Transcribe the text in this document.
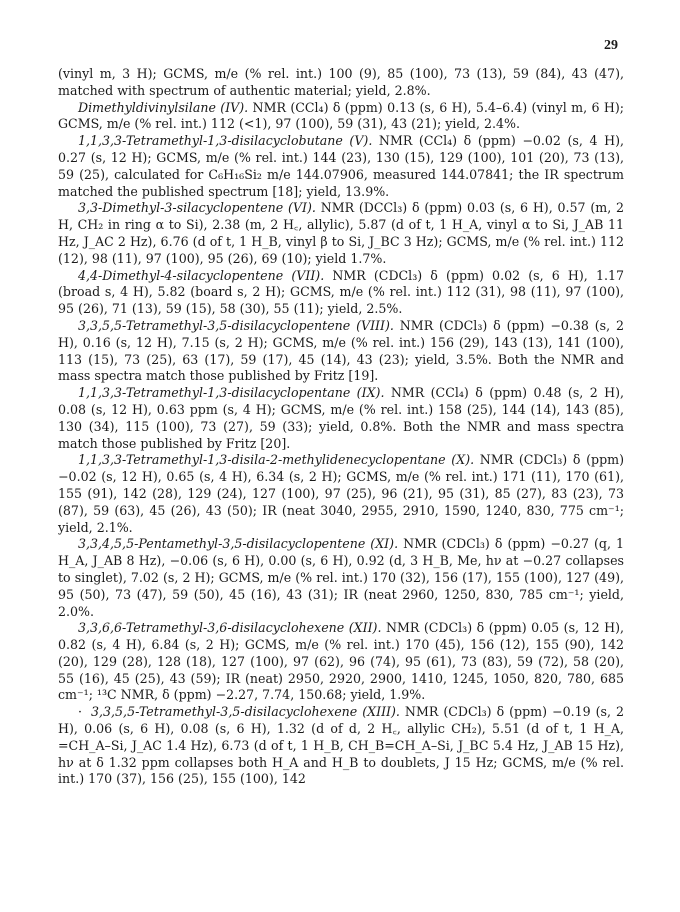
29

(vinyl m, 3 H); GCMS, m/e (% rel. int.) 100 (9), 85 (100), 73 (13), 59 (84), 43 (47), matched with spectrum of authentic material; yield, 2.8%.

Dimethyldivinylsilane (IV). NMR (CCl₄) δ (ppm) 0.13 (s, 6 H), 5.4–6.4) (vinyl m, 6 H); GCMS, m/e (% rel. int.) 112 (<1), 97 (100), 59 (31), 43 (21); yield, 2.4%.

1,1,3,3-Tetramethyl-1,3-disilacyclobutane (V). NMR (CCl₄) δ (ppm) −0.02 (s, 4 H), 0.27 (s, 12 H); GCMS, m/e (% rel. int.) 144 (23), 130 (15), 129 (100), 101 (20), 73 (13), 59 (25), calculated for C₆H₁₆Si₂ m/e 144.07906, measured 144.07841; the IR spectrum matched the published spectrum [18]; yield, 13.9%.

3,3-Dimethyl-3-silacyclopentene (VI). NMR (DCCl₃) δ (ppm) 0.03 (s, 6 H), 0.57 (m, 2 H, CH₂ in ring α to Si), 2.38 (m, 2 H꜀, allylic), 5.87 (d of t, 1 H_A, vinyl α to Si, J_AB 11 Hz, J_AC 2 Hz), 6.76 (d of t, 1 H_B, vinyl β to Si, J_BC 3 Hz); GCMS, m/e (% rel. int.) 112 (12), 98 (11), 97 (100), 95 (26), 69 (10); yield 1.7%.

4,4-Dimethyl-4-silacyclopentene (VII). NMR (CDCl₃) δ (ppm) 0.02 (s, 6 H), 1.17 (broad s, 4 H), 5.82 (board s, 2 H); GCMS, m/e (% rel. int.) 112 (31), 98 (11), 97 (100), 95 (26), 71 (13), 59 (15), 58 (30), 55 (11); yield, 2.5%.

3,3,5,5-Tetramethyl-3,5-disilacyclopentene (VIII). NMR (CDCl₃) δ (ppm) −0.38 (s, 2 H), 0.16 (s, 12 H), 7.15 (s, 2 H); GCMS, m/e (% rel. int.) 156 (29), 143 (13), 141 (100), 113 (15), 73 (25), 63 (17), 59 (17), 45 (14), 43 (23); yield, 3.5%. Both the NMR and mass spectra match those published by Fritz [19].

1,1,3,3-Tetramethyl-1,3-disilacyclopentane (IX). NMR (CCl₄) δ (ppm) 0.48 (s, 2 H), 0.08 (s, 12 H), 0.63 ppm (s, 4 H); GCMS, m/e (% rel. int.) 158 (25), 144 (14), 143 (85), 130 (34), 115 (100), 73 (27), 59 (33); yield, 0.8%. Both the NMR and mass spectra match those published by Fritz [20].

1,1,3,3-Tetramethyl-1,3-disila-2-methylidenecyclopentane (X). NMR (CDCl₃) δ (ppm) −0.02 (s, 12 H), 0.65 (s, 4 H), 6.34 (s, 2 H); GCMS, m/e (% rel. int.) 171 (11), 170 (61), 155 (91), 142 (28), 129 (24), 127 (100), 97 (25), 96 (21), 95 (31), 85 (27), 83 (23), 73 (87), 59 (63), 45 (26), 43 (50); IR (neat 3040, 2955, 2910, 1590, 1240, 830, 775 cm⁻¹; yield, 2.1%.

3,3,4,5,5-Pentamethyl-3,5-disilacyclopentene (XI). NMR (CDCl₃) δ (ppm) −0.27 (q, 1 H_A, J_AB 8 Hz), −0.06 (s, 6 H), 0.00 (s, 6 H), 0.92 (d, 3 H_B, Me, hν at −0.27 collapses to singlet), 7.02 (s, 2 H); GCMS, m/e (% rel. int.) 170 (32), 156 (17), 155 (100), 127 (49), 95 (50), 73 (47), 59 (50), 45 (16), 43 (31); IR (neat 2960, 1250, 830, 785 cm⁻¹; yield, 2.0%.

3,3,6,6-Tetramethyl-3,6-disilacyclohexene (XII). NMR (CDCl₃) δ (ppm) 0.05 (s, 12 H), 0.82 (s, 4 H), 6.84 (s, 2 H); GCMS, m/e (% rel. int.) 170 (45), 156 (12), 155 (90), 142 (20), 129 (28), 128 (18), 127 (100), 97 (62), 96 (74), 95 (61), 73 (83), 59 (72), 58 (20), 55 (16), 45 (25), 43 (59); IR (neat) 2950, 2920, 2900, 1410, 1245, 1050, 820, 780, 685 cm⁻¹; ¹³C NMR, δ (ppm) −2.27, 7.74, 150.68; yield, 1.9%.

· 3,3,5,5-Tetramethyl-3,5-disilacyclohexene (XIII). NMR (CDCl₃) δ (ppm) −0.19 (s, 2 H), 0.06 (s, 6 H), 0.08 (s, 6 H), 1.32 (d of d, 2 H꜀, allylic CH₂), 5.51 (d of t, 1 H_A, =CH_A–Si, J_AC 1.4 Hz), 6.73 (d of t, 1 H_B, CH_B=CH_A–Si, J_BC 5.4 Hz, J_AB 15 Hz), hν at δ 1.32 ppm collapses both H_A and H_B to doublets, J 15 Hz; GCMS, m/e (% rel. int.) 170 (37), 156 (25), 155 (100), 142
